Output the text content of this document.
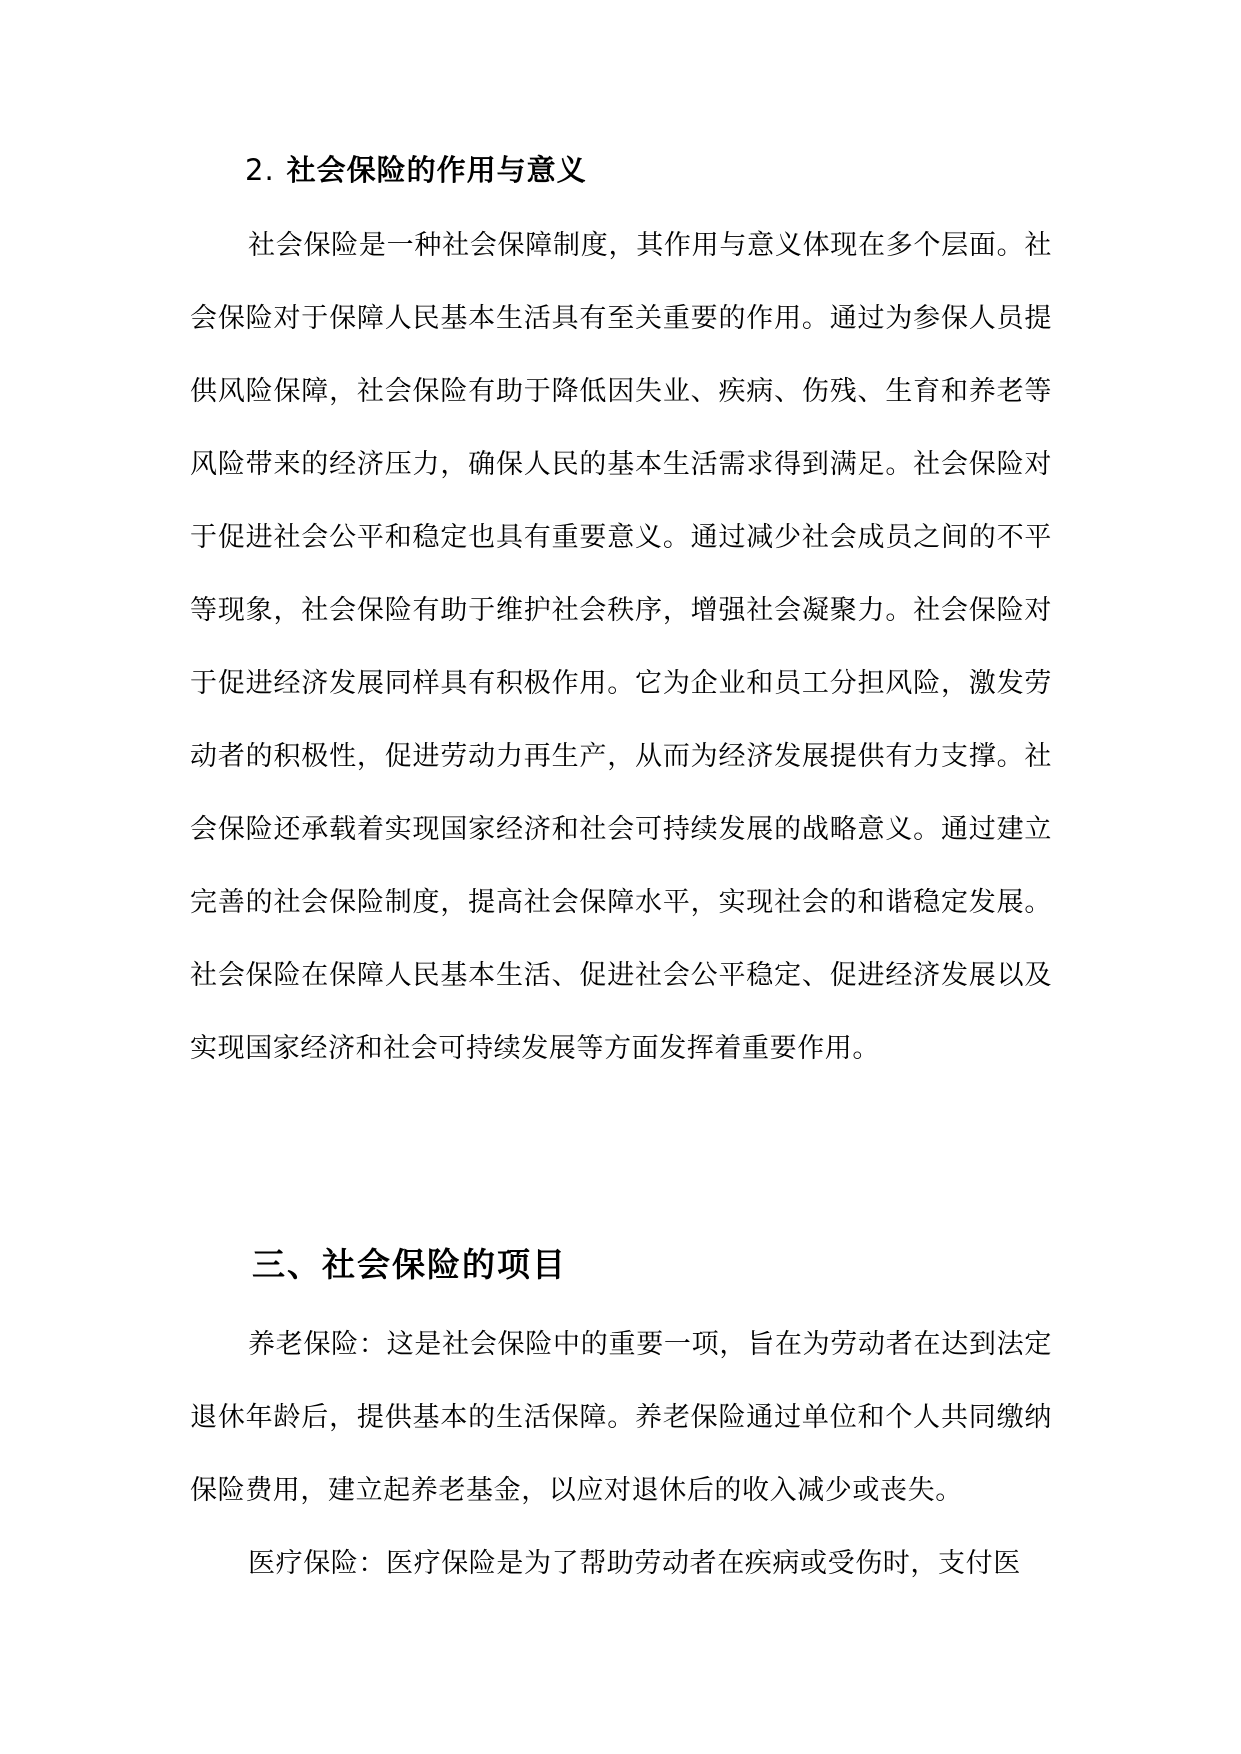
2. 社会保险的作用与意义

社会保险是一种社会保障制度，其作用与意义体现在多个层面。社会保险对于保障人民基本生活具有至关重要的作用。通过为参保人员提供风险保障，社会保险有助于降低因失业、疾病、伤残、生育和养老等风险带来的经济压力，确保人民的基本生活需求得到满足。社会保险对于促进社会公平和稳定也具有重要意义。通过减少社会成员之间的不平等现象，社会保险有助于维护社会秩序，增强社会凝聚力。社会保险对于促进经济发展同样具有积极作用。它为企业和员工分担风险，激发劳动者的积极性，促进劳动力再生产，从而为经济发展提供有力支撑。社会保险还承载着实现国家经济和社会可持续发展的战略意义。通过建立完善的社会保险制度，提高社会保障水平，实现社会的和谐稳定发展。社会保险在保障人民基本生活、促进社会公平稳定、促进经济发展以及实现国家经济和社会可持续发展等方面发挥着重要作用。

三、社会保险的项目

养老保险：这是社会保险中的重要一项，旨在为劳动者在达到法定退休年龄后，提供基本的生活保障。养老保险通过单位和个人共同缴纳保险费用，建立起养老基金，以应对退休后的收入减少或丧失。

医疗保险：医疗保险是为了帮助劳动者在疾病或受伤时，支付医
